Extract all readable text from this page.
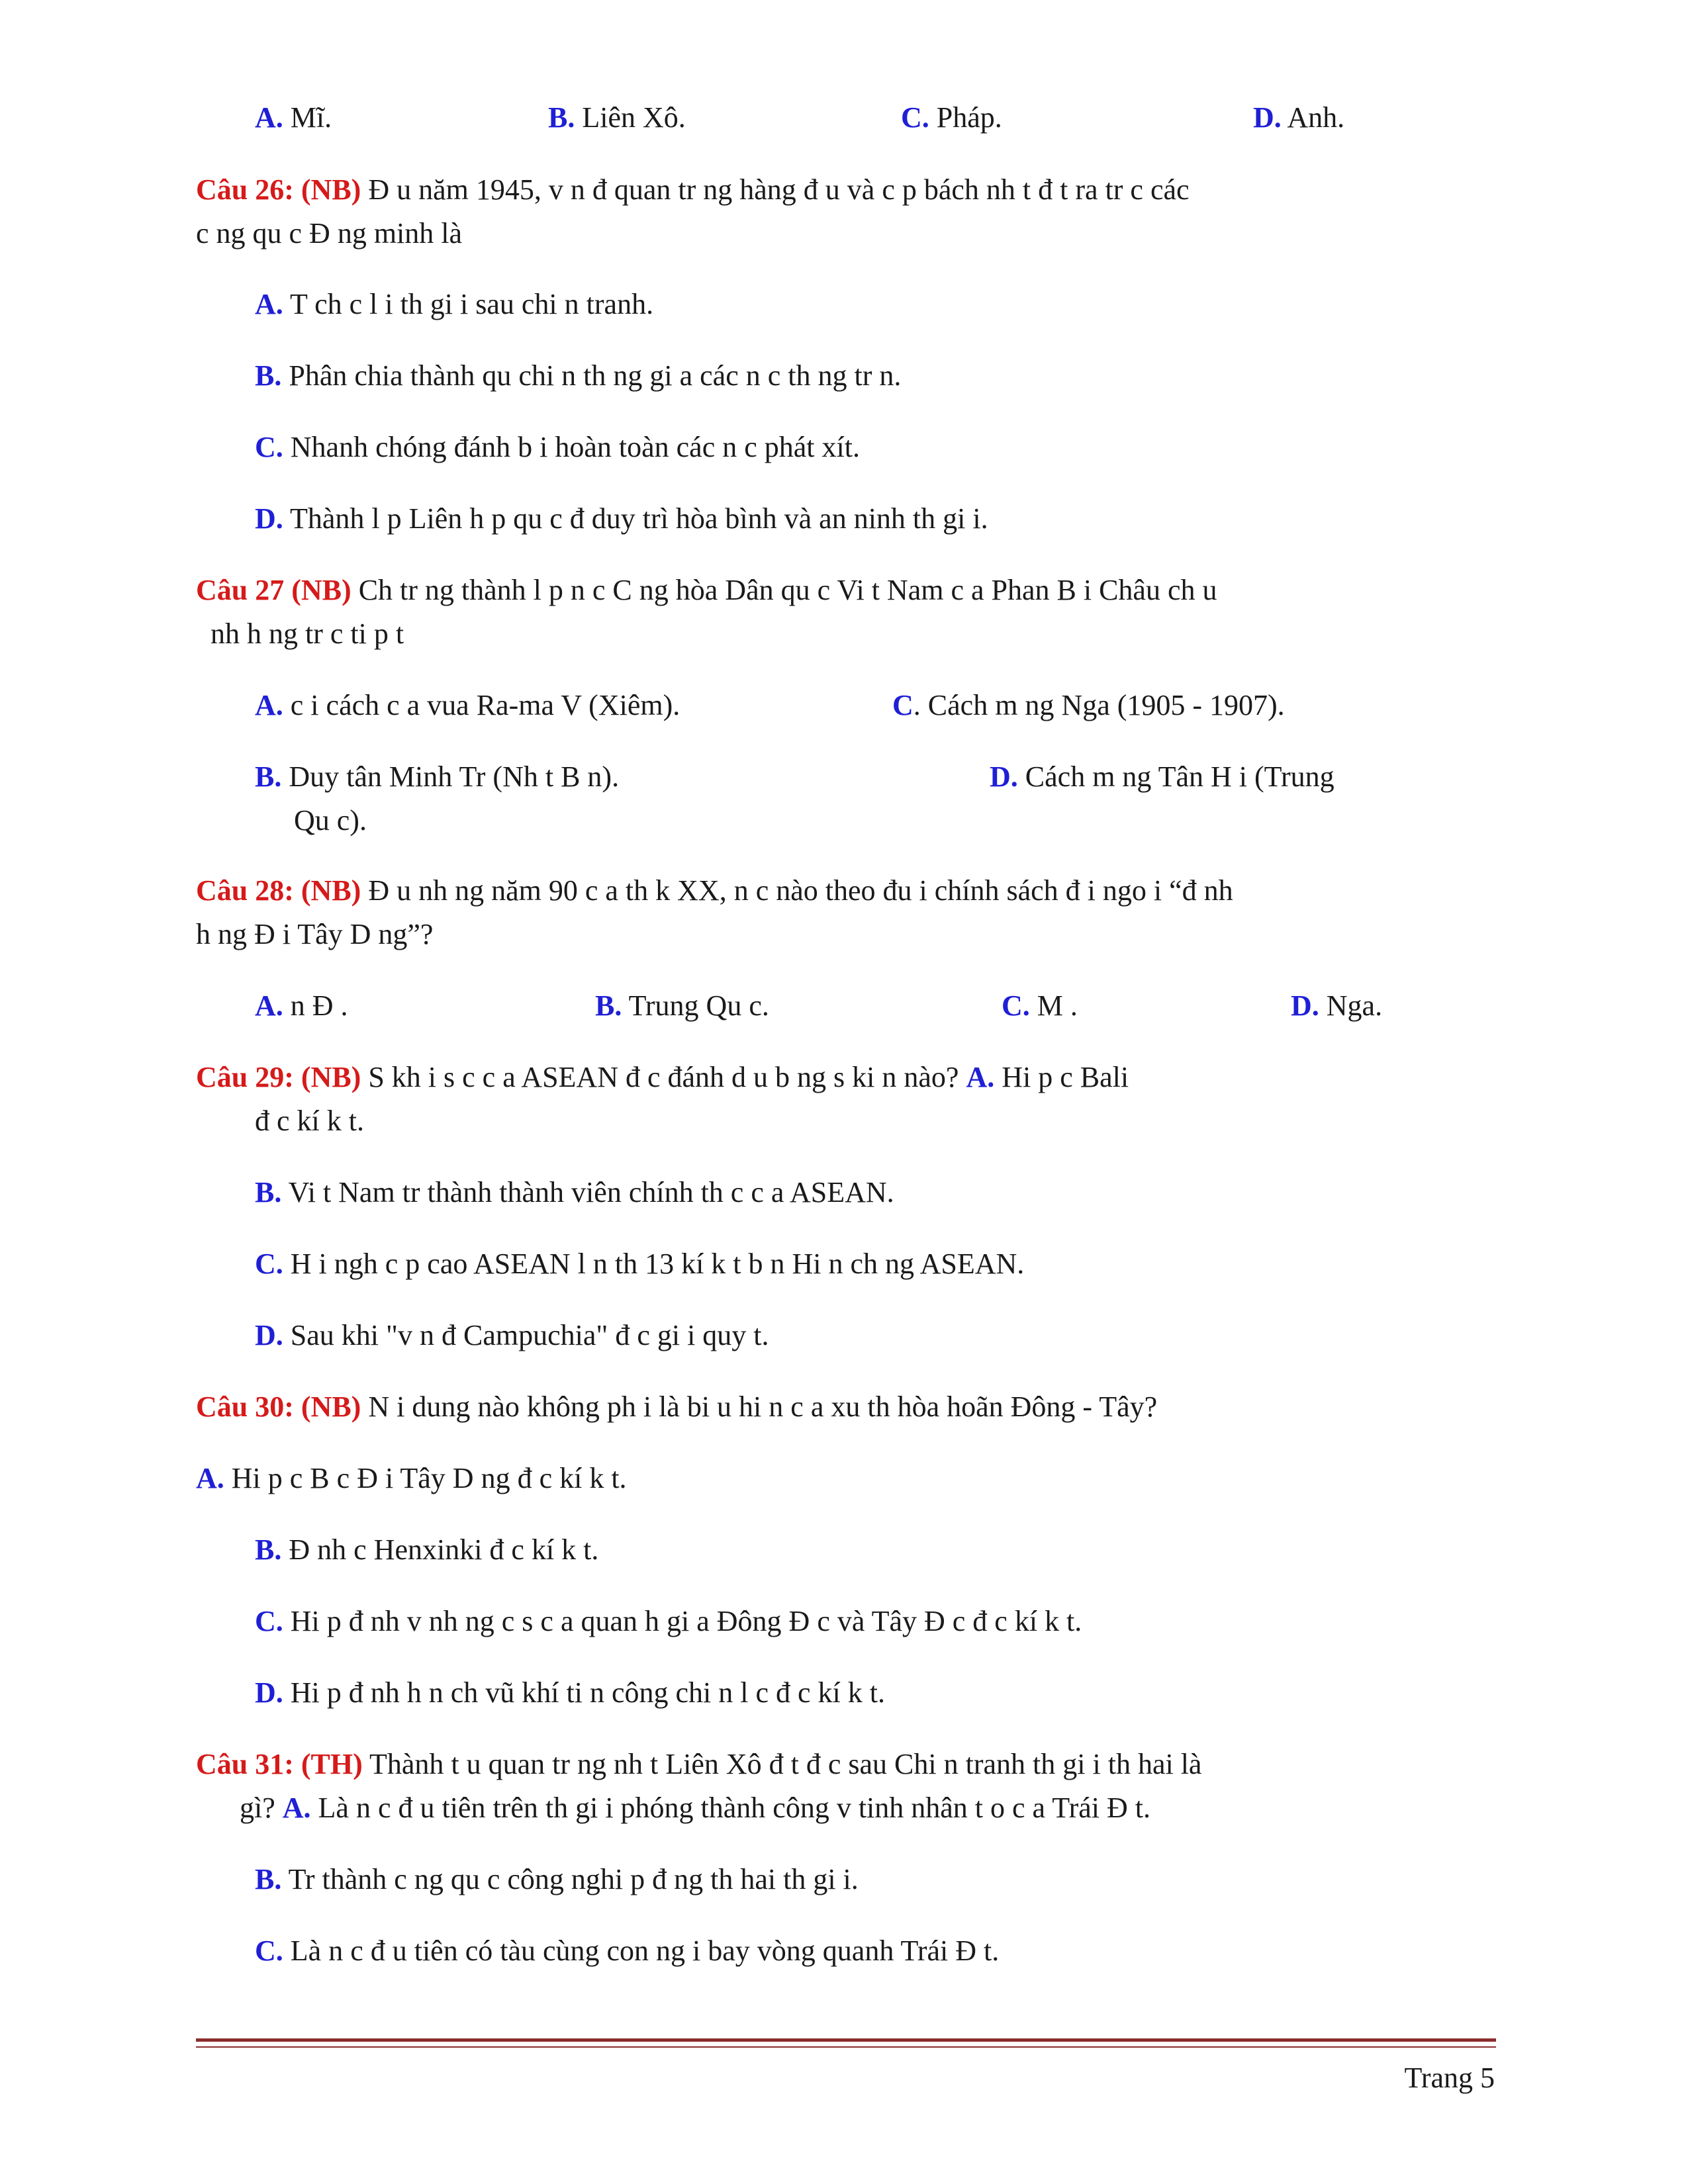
A. Mĩ.	B. Liên Xô.	C. Pháp.	D. Anh.
Câu 26: (NB) Đ u năm 1945, v n đ quan tr ng hàng đ u và c p bách nh t đ t ra tr c các
c ng qu c Đ ng minh là
A. T ch c l i th gi i sau chi n tranh.
B. Phân chia thành qu chi n th ng gi a các n c th ng tr n.
C. Nhanh chóng đánh b i hoàn toàn các n c phát xít.
D. Thành l p Liên h p qu c đ duy trì hòa bình và an ninh th gi i.
Câu 27 (NB) Ch tr ng thành l p n c C ng hòa Dân qu c Vi t Nam c a Phan B i Châu ch u
nh h ng tr c ti p t
A. c i cách c a vua Ra-ma V (Xiêm).	C. Cách m ng Nga (1905 - 1907).
B. Duy tân Minh Tr (Nh t B n).	D. Cách m ng Tân H i (Trung
Qu c).
Câu 28: (NB) Đ u nh ng năm 90 c a th k XX, n c nào theo đu i chính sách đ i ngo i “đ nh
h ng Đ i Tây D ng”?
A. n Đ .	B. Trung Qu c.	C. M .	D. Nga.
Câu 29: (NB) S kh i s c c a ASEAN đ c đánh d u b ng s ki n nào? A. Hi p c Bali
đ c kí k t.
B. Vi t Nam tr thành thành viên chính th c c a ASEAN.
C. H i ngh c p cao ASEAN l n th 13 kí k t b n Hi n ch ng ASEAN.
D. Sau khi "v n đ Campuchia" đ c gi i quy t.
Câu 30: (NB) N i dung nào không ph i là bi u hi n c a xu th hòa hoãn Đông - Tây?
A. Hi p c B c Đ i Tây D ng đ c kí k t.
B. Đ nh c Henxinki đ c kí k t.
C. Hi p đ nh v nh ng c s c a quan h gi a Đông Đ c và Tây Đ c đ c kí k t.
D. Hi p đ nh h n ch vũ khí ti n công chi n l c đ c kí k t.
Câu 31: (TH) Thành t u quan tr ng nh t Liên Xô đ t đ c sau Chi n tranh th gi i th hai là
gì? A. Là n c đ u tiên trên th gi i phóng thành công v tinh nhân t o c a Trái Đ t.
B. Tr thành c ng qu c công nghi p đ ng th hai th gi i.
C. Là n c đ u tiên có tàu cùng con ng i bay vòng quanh Trái Đ t.
Trang 5
